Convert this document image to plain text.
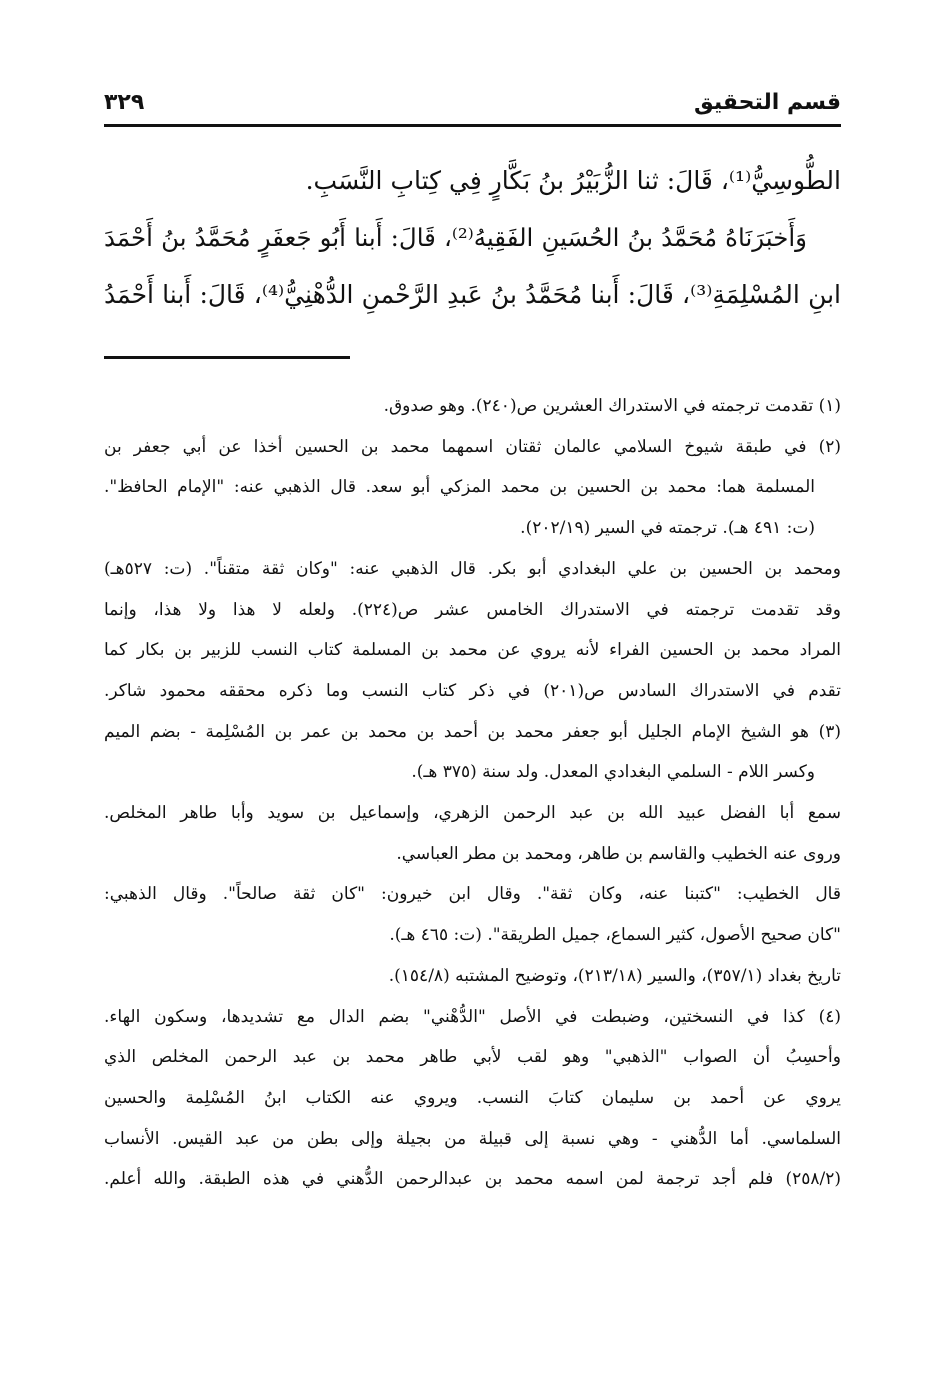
قسم التحقيق
٣٢٩

الطُّوسِيُّ⁽¹⁾، قَالَ: ثنا الزُّبَيْرُ بنُ بَكَّارٍ فِي كِتابِ النَّسَبِ.

وَأَخبَرَنَاهُ مُحَمَّدُ بنُ الحُسَينِ الفَقِيهُ⁽²⁾، قَالَ: أَبنا أَبُو جَعفَرٍ مُحَمَّدُ بنُ أَحْمَدَ

ابنِ المُسْلِمَةِ⁽³⁾، قَالَ: أَبنا مُحَمَّدُ بنُ عَبدِ الرَّحْمنِ الدُّهْنِيُّ⁽⁴⁾، قَالَ: أَبنا أَحْمَدُ

(١) تقدمت ترجمته في الاستدراك العشرين ص(٢٤٠). وهو صدوق.

(٢) في طبقة شيوخ السلامي عالمان ثقتان اسمهما محمد بن الحسين أخذا عن أبي جعفر بن

المسلمة هما: محمد بن الحسين بن محمد المزكي أبو سعد. قال الذهبي عنه: "الإمام الحافظ".

(ت: ٤٩١ هـ). ترجمته في السير (٢٠٢/١٩).

ومحمد بن الحسين بن علي البغدادي أبو بكر. قال الذهبي عنه: "وكان ثقة متقناً". (ت: ٥٢٧هـ)

وقد تقدمت ترجمته في الاستدراك الخامس عشر ص(٢٢٤). ولعله لا هذا ولا هذا، وإنما

المراد محمد بن الحسين الفراء لأنه يروي عن محمد بن المسلمة كتاب النسب للزبير بن بكار كما

تقدم في الاستدراك السادس ص(٢٠١) في ذكر كتاب النسب وما ذكره محققه محمود شاكر.

(٣) هو الشيخ الإمام الجليل أبو جعفر محمد بن أحمد بن محمد بن عمر بن المُسْلِمة - بضم الميم

وكسر اللام - السلمي البغدادي المعدل. ولد سنة (٣٧٥ هـ).

سمع أبا الفضل عبيد الله بن عبد الرحمن الزهري، وإسماعيل بن سويد وأبا طاهر المخلص.

وروى عنه الخطيب والقاسم بن طاهر، ومحمد بن مطر العباسي.

قال الخطيب: "كتبنا عنه، وكان ثقة". وقال ابن خيرون: "كان ثقة صالحاً". وقال الذهبي:

"كان صحيح الأصول، كثير السماع، جميل الطريقة". (ت: ٤٦٥ هـ).

تاريخ بغداد (٣٥٧/١)، والسير (٢١٣/١٨)، وتوضيح المشتبه (١٥٤/٨).

(٤) كذا في النسختين، وضبطت في الأصل "الدُّهْني" بضم الدال مع تشديدها، وسكون الهاء.

وأحسِبُ أن الصواب "الذهبي" وهو لقب لأبي طاهر محمد بن عبد الرحمن المخلص الذي

يروي عن أحمد بن سليمان كتابَ النسب. ويروي عنه الكتاب ابنُ المُسْلِمة والحسين

السلماسي. أما الدُّهني - وهي نسبة إلى قبيلة من بجيلة وإلى بطن من عبد القيس. الأنساب

(٢٥٨/٢) فلم أجد ترجمة لمن اسمه محمد بن عبدالرحمن الدُّهني في هذه الطبقة. والله أعلم.
